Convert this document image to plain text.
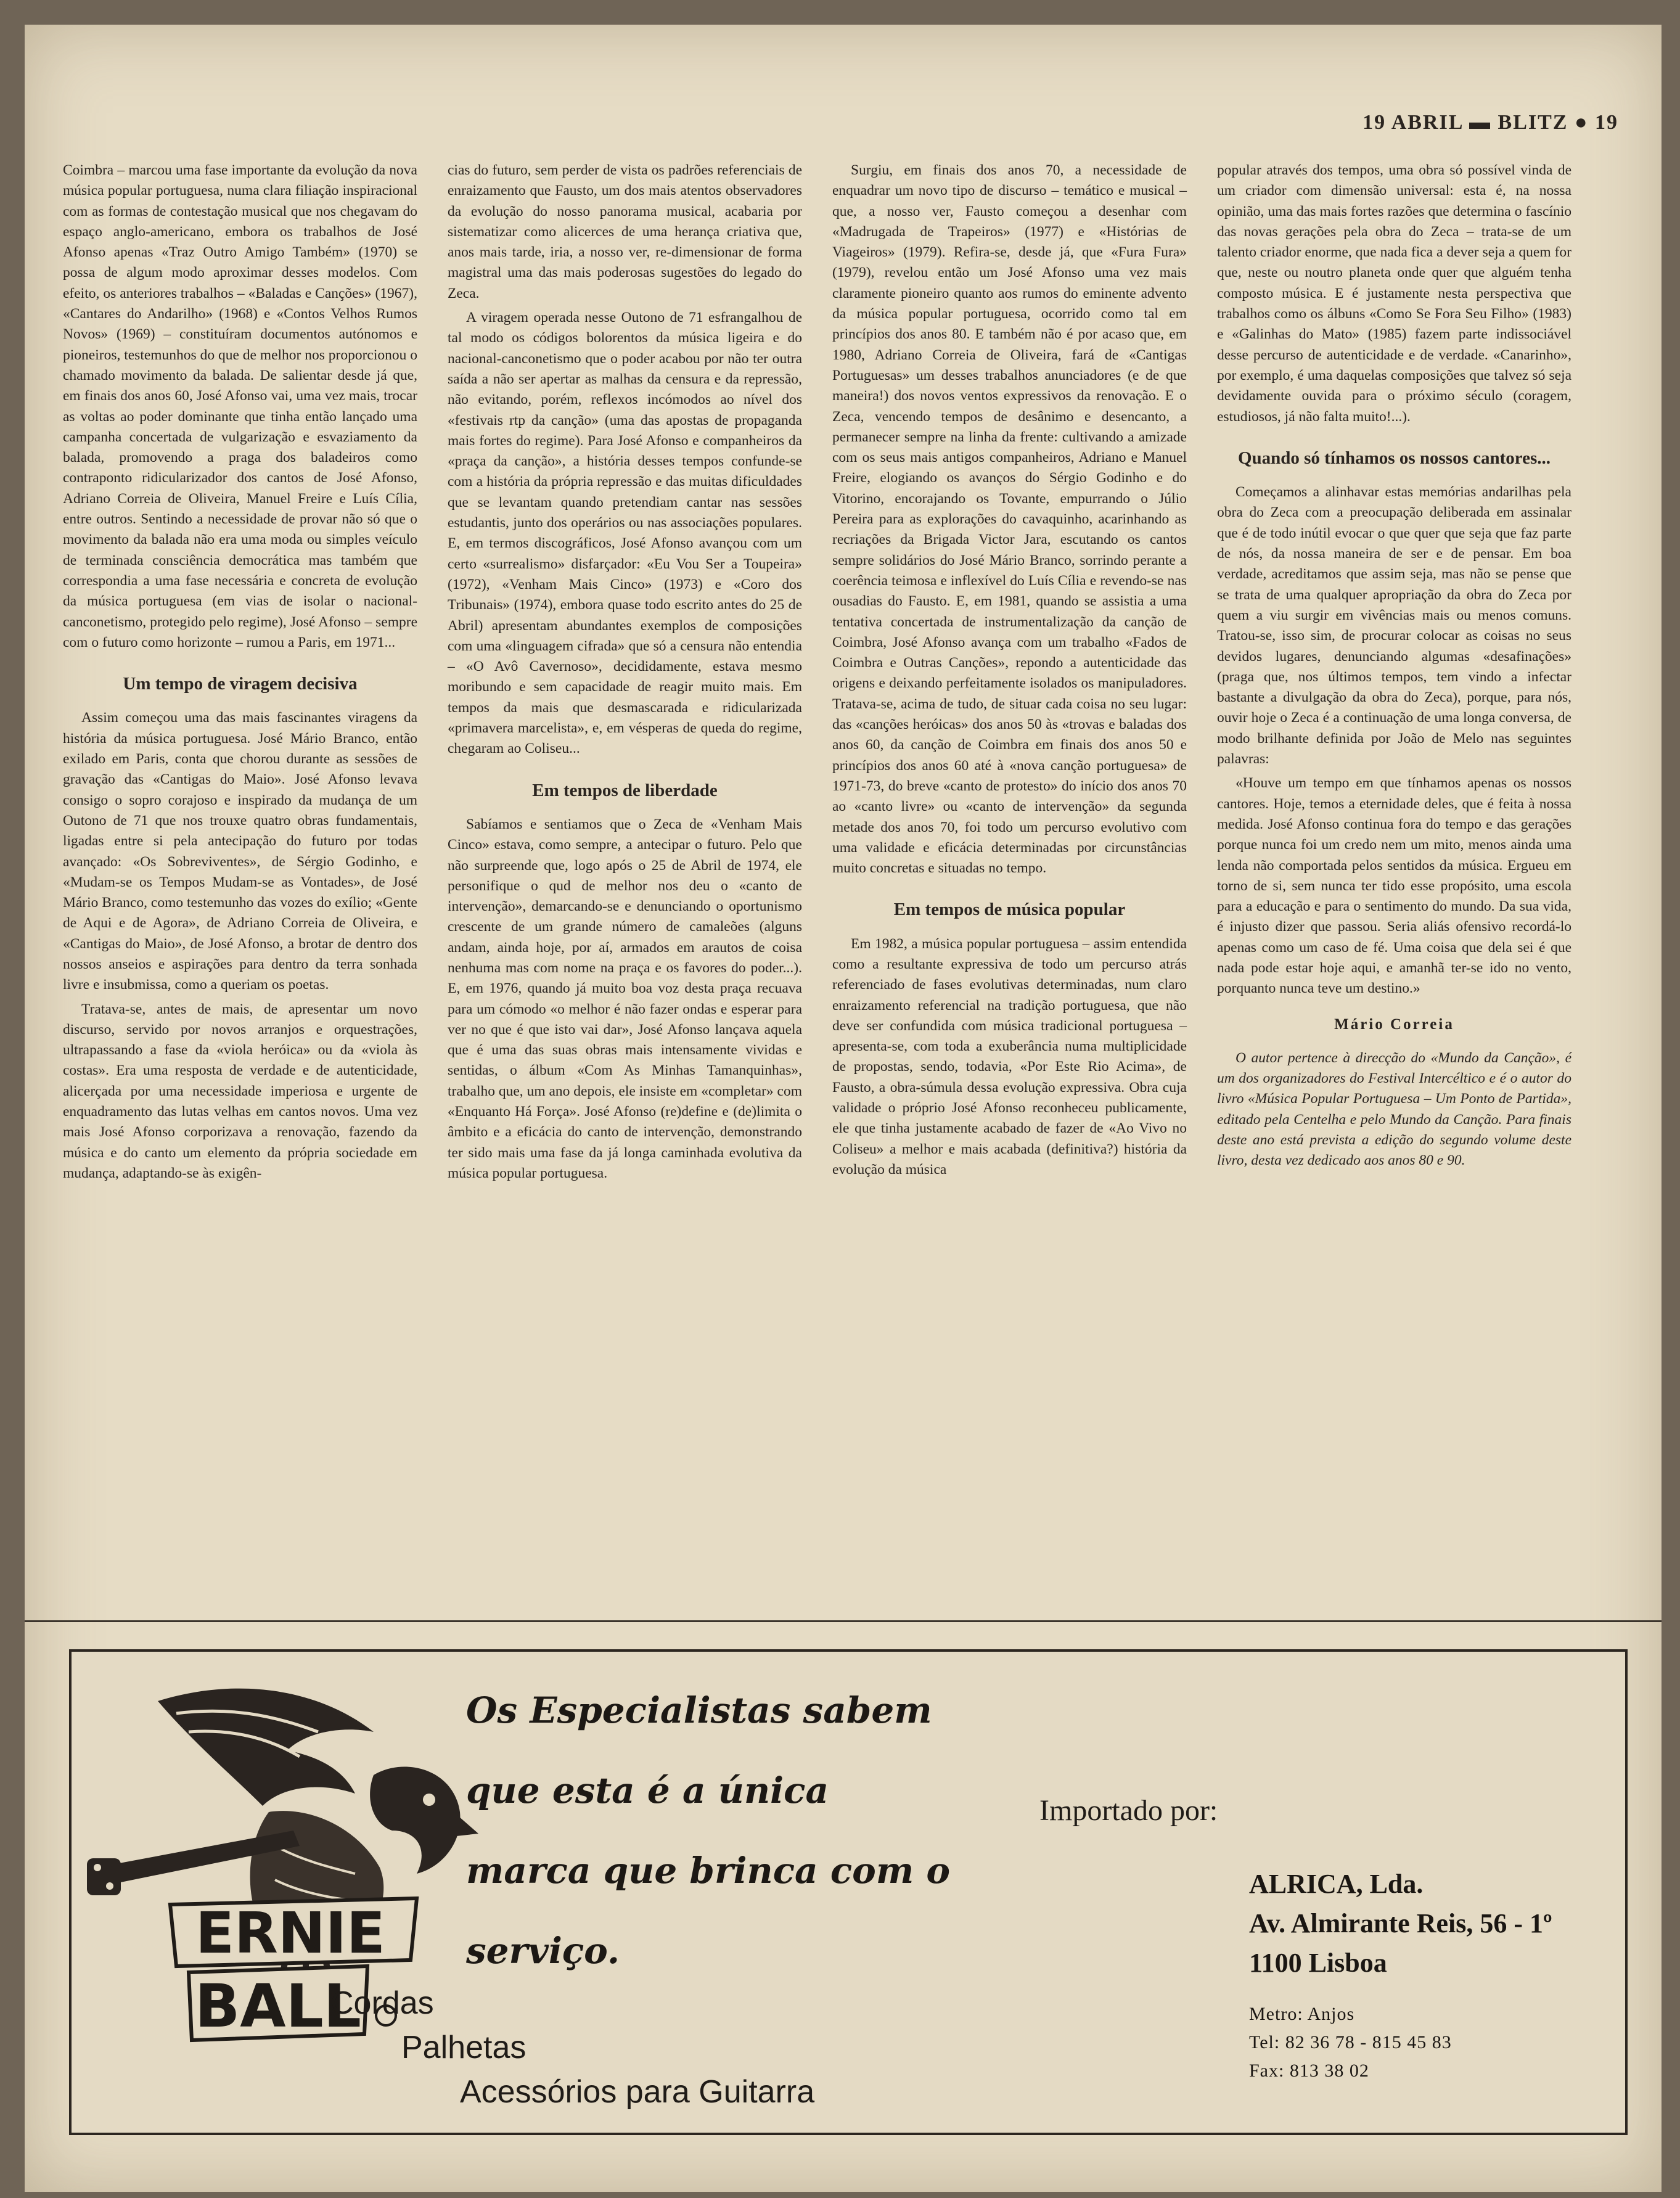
19 ABRIL ▬ BLITZ ● 19

Coimbra – marcou uma fase importante da evolução da nova música popular portuguesa, numa clara filiação inspiracional com as formas de contestação musical que nos chegavam do espaço anglo-americano, embora os trabalhos de José Afonso apenas «Traz Outro Amigo Também» (1970) se possa de algum modo aproximar desses modelos. Com efeito, os anteriores trabalhos – «Baladas e Canções» (1967), «Cantares do Andarilho» (1968) e «Contos Velhos Rumos Novos» (1969) – constituíram documentos autónomos e pioneiros, testemunhos do que de melhor nos proporcionou o chamado movimento da balada. De salientar desde já que, em finais dos anos 60, José Afonso vai, uma vez mais, trocar as voltas ao poder dominante que tinha então lançado uma campanha concertada de vulgarização e esvaziamento da balada, promovendo a praga dos baladeiros como contraponto ridicularizador dos cantos de José Afonso, Adriano Correia de Oliveira, Manuel Freire e Luís Cília, entre outros. Sentindo a necessidade de provar não só que o movimento da balada não era uma moda ou simples veículo de terminada consciência democrática mas também que correspondia a uma fase necessária e concreta de evolução da música portuguesa (em vias de isolar o nacional-canconetismo, protegido pelo regime), José Afonso – sempre com o futuro como horizonte – rumou a Paris, em 1971...

Um tempo de viragem decisiva

Assim começou uma das mais fascinantes viragens da história da música portuguesa. José Mário Branco, então exilado em Paris, conta que chorou durante as sessões de gravação das «Cantigas do Maio». José Afonso levava consigo o sopro corajoso e inspirado da mudança de um Outono de 71 que nos trouxe quatro obras fundamentais, ligadas entre si pela antecipação do futuro por todas avançado: «Os Sobreviventes», de Sérgio Godinho, e «Mudam-se os Tempos Mudam-se as Vontades», de José Mário Branco, como testemunho das vozes do exílio; «Gente de Aqui e de Agora», de Adriano Correia de Oliveira, e «Cantigas do Maio», de José Afonso, a brotar de dentro dos nossos anseios e aspirações para dentro da terra sonhada livre e insubmissa, como a queriam os poetas.

Tratava-se, antes de mais, de apresentar um novo discurso, servido por novos arranjos e orquestrações, ultrapassando a fase da «viola heróica» ou da «viola às costas». Era uma resposta de verdade e de autenticidade, alicerçada por uma necessidade imperiosa e urgente de enquadramento das lutas velhas em cantos novos. Uma vez mais José Afonso corporizava a renovação, fazendo da música e do canto um elemento da própria sociedade em mudança, adaptando-se às exigên-

cias do futuro, sem perder de vista os padrões referenciais de enraizamento que Fausto, um dos mais atentos observadores da evolução do nosso panorama musical, acabaria por sistematizar como alicerces de uma herança criativa que, anos mais tarde, iria, a nosso ver, re-dimensionar de forma magistral uma das mais poderosas sugestões do legado do Zeca.

A viragem operada nesse Outono de 71 esfrangalhou de tal modo os códigos bolorentos da música ligeira e do nacional-canconetismo que o poder acabou por não ter outra saída a não ser apertar as malhas da censura e da repressão, não evitando, porém, reflexos incómodos ao nível dos «festivais rtp da canção» (uma das apostas de propaganda mais fortes do regime). Para José Afonso e companheiros da «praça da canção», a história desses tempos confunde-se com a história da própria repressão e das muitas dificuldades que se levantam quando pretendiam cantar nas sessões estudantis, junto dos operários ou nas associações populares. E, em termos discográficos, José Afonso avançou com um certo «surrealismo» disfarçador: «Eu Vou Ser a Toupeira» (1972), «Venham Mais Cinco» (1973) e «Coro dos Tribunais» (1974), embora quase todo escrito antes do 25 de Abril) apresentam abundantes exemplos de composições com uma «linguagem cifrada» que só a censura não entendia – «O Avô Cavernoso», decididamente, estava mesmo moribundo e sem capacidade de reagir muito mais. Em tempos da mais que desmascarada e ridicularizada «primavera marcelista», e, em vésperas de queda do regime, chegaram ao Coliseu...

Em tempos de liberdade

Sabíamos e sentiamos que o Zeca de «Venham Mais Cinco» estava, como sempre, a antecipar o futuro. Pelo que não surpreende que, logo após o 25 de Abril de 1974, ele personifique o qud de melhor nos deu o «canto de intervenção», demarcando-se e denunciando o oportunismo crescente de um grande número de camaleões (alguns andam, ainda hoje, por aí, armados em arautos de coisa nenhuma mas com nome na praça e os favores do poder...). E, em 1976, quando já muito boa voz desta praça recuava para um cómodo «o melhor é não fazer ondas e esperar para ver no que é que isto vai dar», José Afonso lançava aquela que é uma das suas obras mais intensamente vividas e sentidas, o álbum «Com As Minhas Tamanquinhas», trabalho que, um ano depois, ele insiste em «completar» com «Enquanto Há Força». José Afonso (re)define e (de)limita o âmbito e a eficácia do canto de intervenção, demonstrando ter sido mais uma fase da já longa caminhada evolutiva da música popular portuguesa.

Surgiu, em finais dos anos 70, a necessidade de enquadrar um novo tipo de discurso – temático e musical – que, a nosso ver, Fausto começou a desenhar com «Madrugada de Trapeiros» (1977) e «Histórias de Viageiros» (1979). Refira-se, desde já, que «Fura Fura» (1979), revelou então um José Afonso uma vez mais claramente pioneiro quanto aos rumos do eminente advento da música popular portuguesa, ocorrido como tal em princípios dos anos 80. E também não é por acaso que, em 1980, Adriano Correia de Oliveira, fará de «Cantigas Portuguesas» um desses trabalhos anunciadores (e de que maneira!) dos novos ventos expressivos da renovação. E o Zeca, vencendo tempos de desânimo e desencanto, a permanecer sempre na linha da frente: cultivando a amizade com os seus mais antigos companheiros, Adriano e Manuel Freire, elogiando os avanços do Sérgio Godinho e do Vitorino, encorajando os Tovante, empurrando o Júlio Pereira para as explorações do cavaquinho, acarinhando as recriações da Brigada Victor Jara, escutando os cantos sempre solidários do José Mário Branco, sorrindo perante a coerência teimosa e inflexível do Luís Cília e revendo-se nas ousadias do Fausto. E, em 1981, quando se assistia a uma tentativa concertada de instrumentalização da canção de Coimbra, José Afonso avança com um trabalho «Fados de Coimbra e Outras Canções», repondo a autenticidade das origens e deixando perfeitamente isolados os manipuladores. Tratava-se, acima de tudo, de situar cada coisa no seu lugar: das «canções heróicas» dos anos 50 às «trovas e baladas dos anos 60, da canção de Coimbra em finais dos anos 50 e princípios dos anos 60 até à «nova canção portuguesa» de 1971-73, do breve «canto de protesto» do início dos anos 70 ao «canto livre» ou «canto de intervenção» da segunda metade dos anos 70, foi todo um percurso evolutivo com uma validade e eficácia determinadas por circunstâncias muito concretas e situadas no tempo.

Em tempos de música popular

Em 1982, a música popular portuguesa – assim entendida como a resultante expressiva de todo um percurso atrás referenciado de fases evolutivas determinadas, num claro enraizamento referencial na tradição portuguesa, que não deve ser confundida com música tradicional portuguesa – apresenta-se, com toda a exuberância numa multiplicidade de propostas, sendo, todavia, «Por Este Rio Acima», de Fausto, a obra-súmula dessa evolução expressiva. Obra cuja validade o próprio José Afonso reconheceu publicamente, ele que tinha justamente acabado de fazer de «Ao Vivo no Coliseu» a melhor e mais acabada (definitiva?) história da evolução da música

popular através dos tempos, uma obra só possível vinda de um criador com dimensão universal: esta é, na nossa opinião, uma das mais fortes razões que determina o fascínio das novas gerações pela obra do Zeca – trata-se de um talento criador enorme, que nada fica a dever seja a quem for que, neste ou noutro planeta onde quer que alguém tenha composto música. E é justamente nesta perspectiva que trabalhos como os álbuns «Como Se Fora Seu Filho» (1983) e «Galinhas do Mato» (1985) fazem parte indissociável desse percurso de autenticidade e de verdade. «Canarinho», por exemplo, é uma daquelas composições que talvez só seja devidamente ouvida para o próximo século (coragem, estudiosos, já não falta muito!...).

Quando só tínhamos os nossos cantores...

Começamos a alinhavar estas memórias andarilhas pela obra do Zeca com a preocupação deliberada em assinalar que é de todo inútil evocar o que quer que seja que faz parte de nós, da nossa maneira de ser e de pensar. Em boa verdade, acreditamos que assim seja, mas não se pense que se trata de uma qualquer apropriação da obra do Zeca por quem a viu surgir em vivências mais ou menos comuns. Tratou-se, isso sim, de procurar colocar as coisas no seus devidos lugares, denunciando algumas «desafinações» (praga que, nos últimos tempos, tem vindo a infectar bastante a divulgação da obra do Zeca), porque, para nós, ouvir hoje o Zeca é a continuação de uma longa conversa, de modo brilhante definida por João de Melo nas seguintes palavras:

«Houve um tempo em que tínhamos apenas os nossos cantores. Hoje, temos a eternidade deles, que é feita à nossa medida. José Afonso continua fora do tempo e das gerações porque nunca foi um credo nem um mito, menos ainda uma lenda não comportada pelos sentidos da música. Ergueu em torno de si, sem nunca ter tido esse propósito, uma escola para a educação e para o sentimento do mundo. Da sua vida, é injusto dizer que passou. Seria aliás ofensivo recordá-lo apenas como um caso de fé. Uma coisa que dela sei é que nada pode estar hoje aqui, e amanhã ter-se ido no vento, porquanto nunca teve um destino.»

Mário Correia

O autor pertence à direcção do «Mundo da Canção», é um dos organizadores do Festival Intercéltico e é o autor do livro «Música Popular Portuguesa – Um Ponto de Partida», editado pela Centelha e pelo Mundo da Canção. Para finais deste ano está prevista a edição do segundo volume deste livro, desta vez dedicado aos anos 80 e 90.

ERNIE
BALL
Os Especialistas sabem
que esta é a única
marca que brinca com o
serviço.
Cordas
Palhetas
Acessórios para Guitarra
Importado por:
ALRICA, Lda.
Av. Almirante Reis, 56 - 1º
1100 Lisboa
Metro: Anjos
Tel: 82 36 78 - 815 45 83
Fax: 813 38 02
